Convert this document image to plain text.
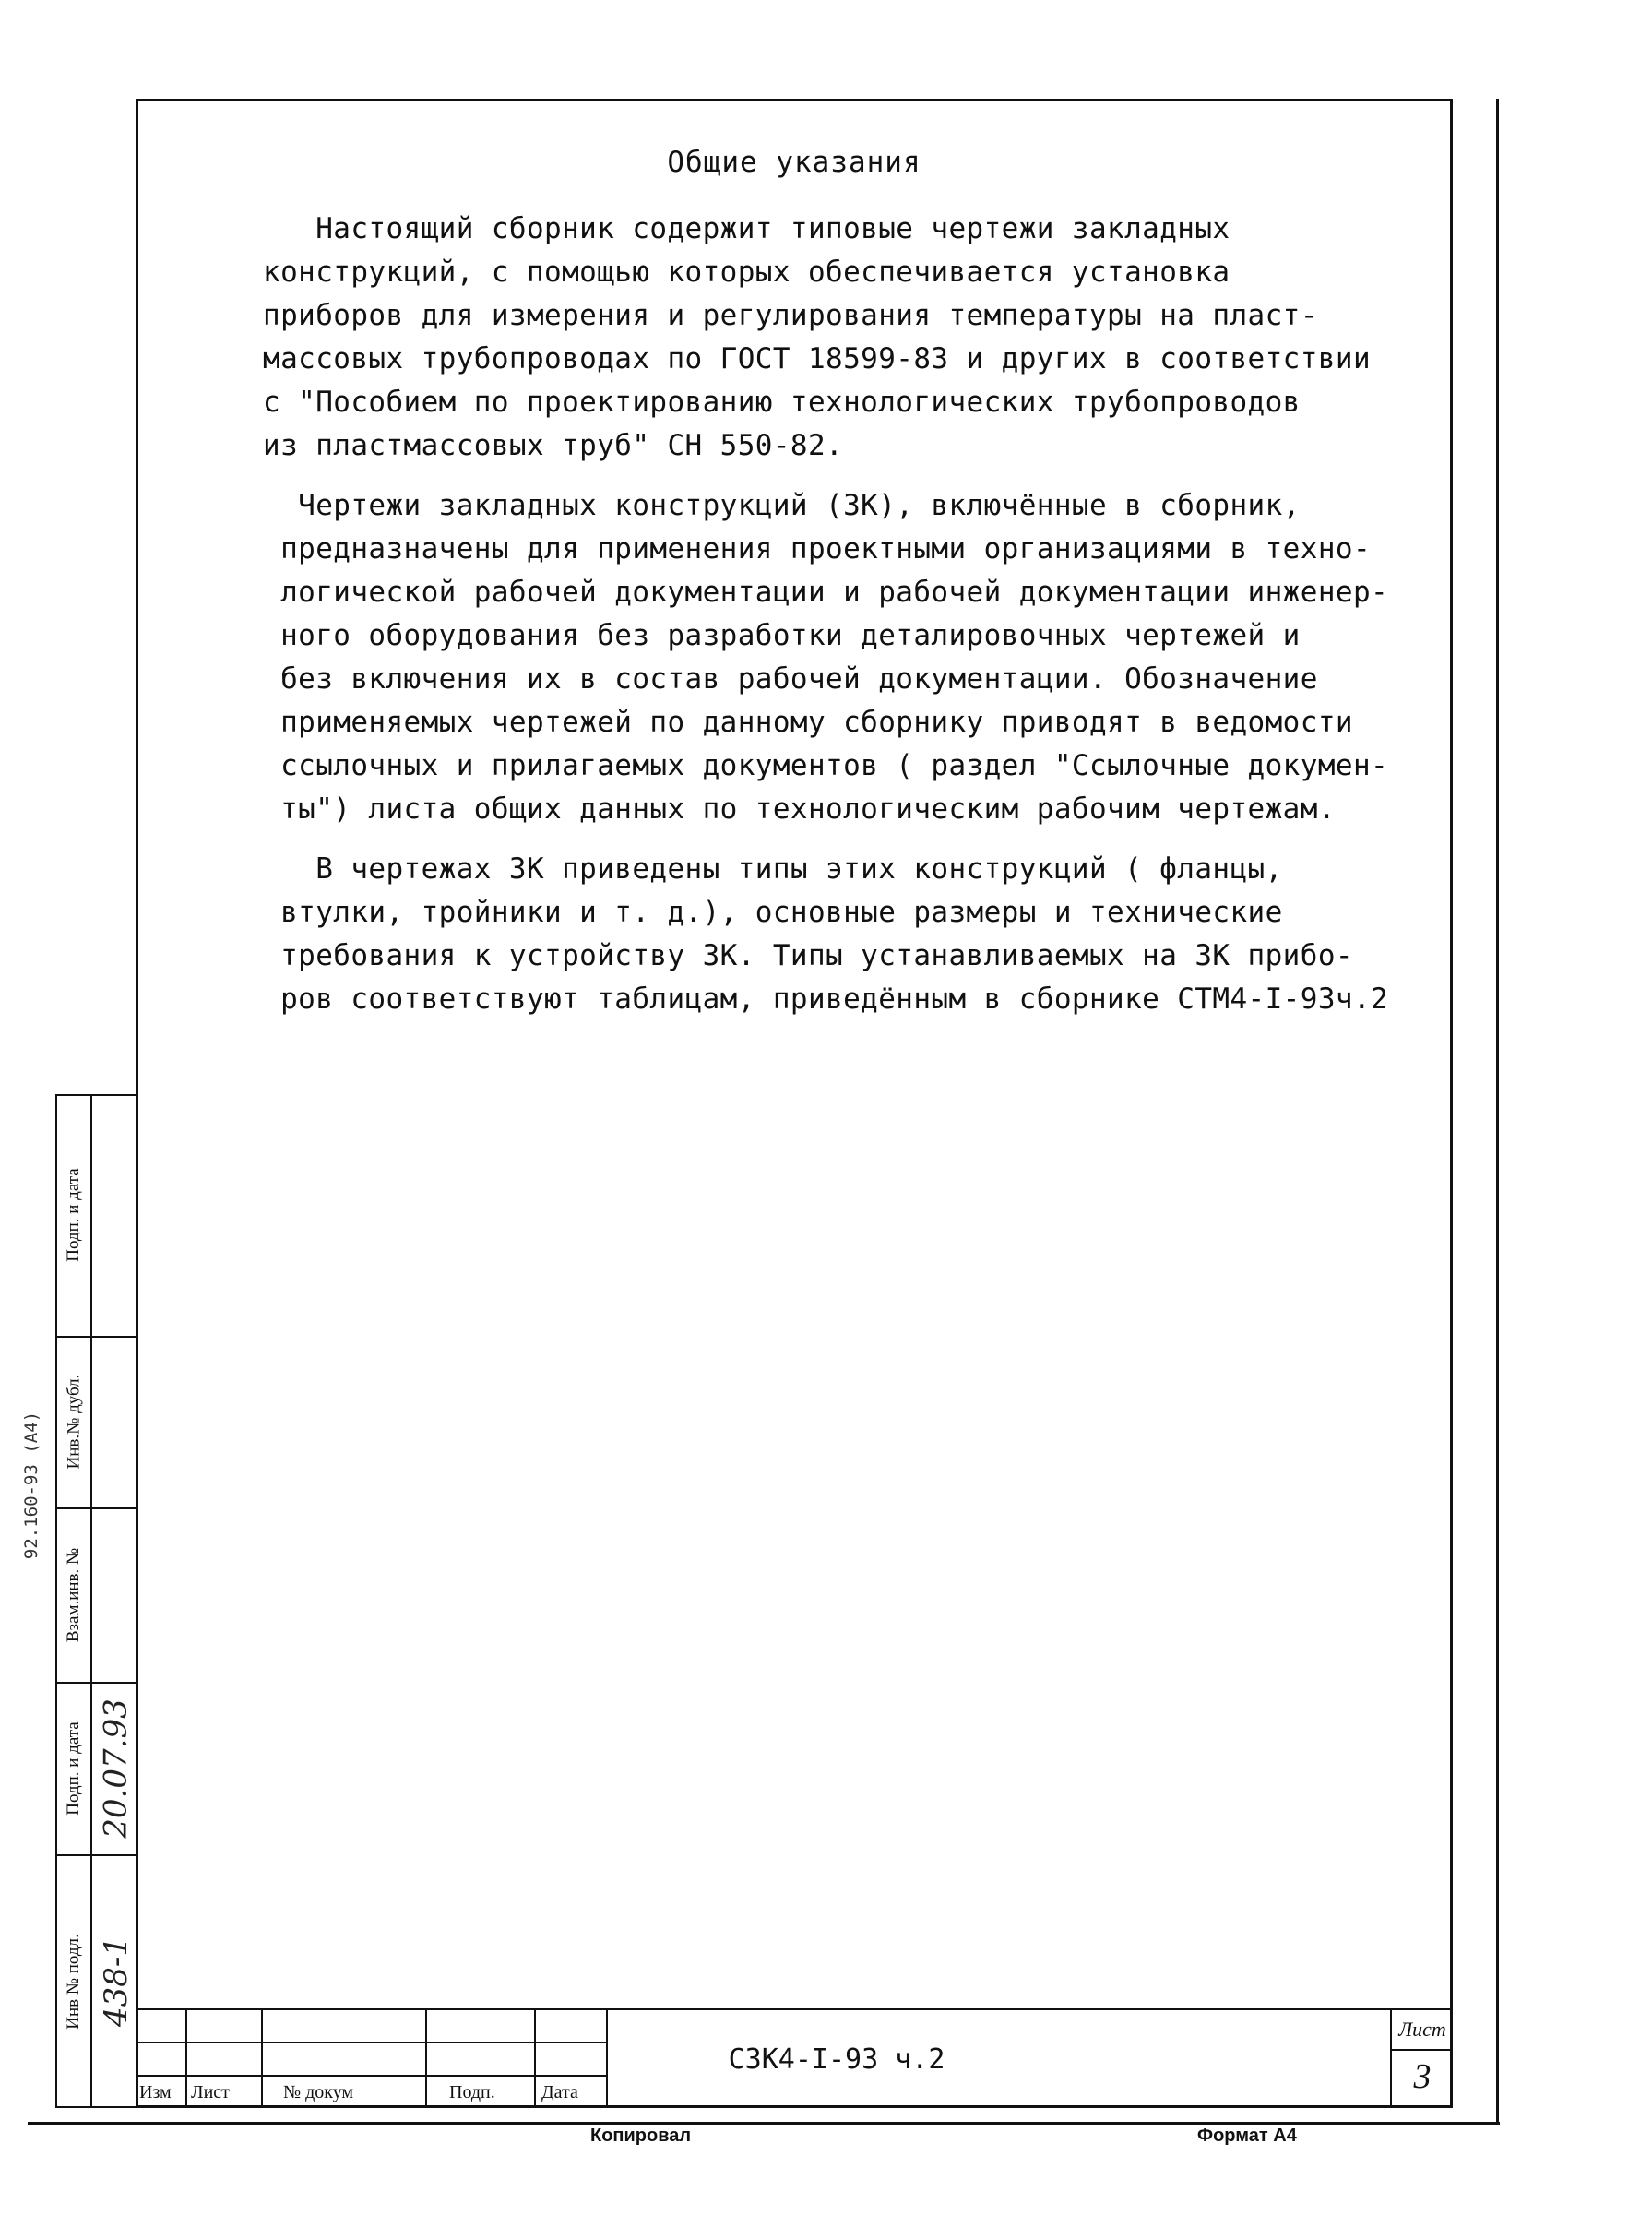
Общие указания

Настоящий сборник содержит типовые чертежи закладных

конструкций, с помощью которых обеспечивается установка

приборов для измерения и регулирования температуры на пласт-

массовых трубопроводах по ГОСТ 18599-83 и других в соответствии

с "Пособием по проектированию технологических трубопроводов

из пластмассовых труб" СН 550-82.

Чертежи закладных конструкций (ЗК), включённые в сборник,

предназначены для применения проектными организациями в техно-

логической рабочей документации и рабочей документации инженер-

ного оборудования без разработки деталировочных чертежей и

без включения их в состав рабочей документации. Обозначение

применяемых чертежей по данному сборнику приводят в ведомости

ссылочных и прилагаемых документов ( раздел "Ссылочные докумен-

ты") листа общих данных по технологическим рабочим чертежам.

В чертежах ЗК приведены типы этих конструкций ( фланцы,

втулки, тройники и т. д.), основные размеры и технические

требования к устройству ЗК. Типы устанавливаемых на ЗК прибо-

ров соответствуют таблицам, приведённым в сборнике СТМ4-I-93ч.2

Инв № подл.
Подп. и дата
Взам.инв. №
Инв.№ дубл.
Подп. и дата
438-1
20.07.93
92.160-93 (A4)
Изм Лист	№ докум	Подп.	Дата
СЗК4-I-93 ч.2
Лист
3
Копировал	Формат А4
